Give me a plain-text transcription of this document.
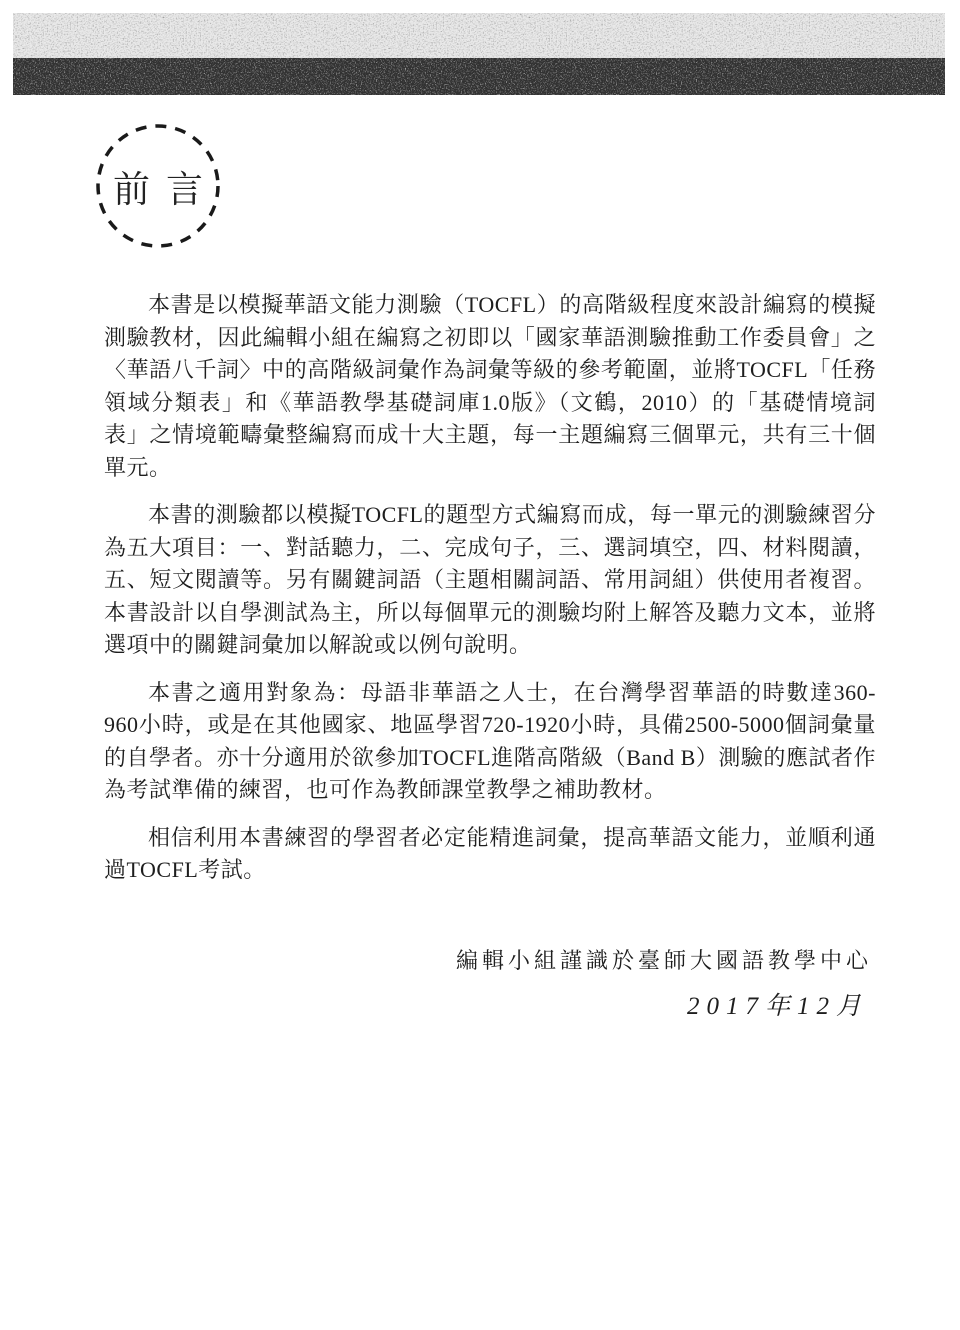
前言

本書是以模擬華語文能力測驗（TOCFL）的高階級程度來設計編寫的模擬測驗教材，因此編輯小組在編寫之初即以「國家華語測驗推動工作委員會」之〈華語八千詞〉中的高階級詞彙作為詞彙等級的參考範圍，並將TOCFL「任務領域分類表」和《華語教學基礎詞庫1.0版》（文鶴，2010）的「基礎情境詞表」之情境範疇彙整編寫而成十大主題，每一主題編寫三個單元，共有三十個單元。

本書的測驗都以模擬TOCFL的題型方式編寫而成，每一單元的測驗練習分為五大項目：一、對話聽力，二、完成句子，三、選詞填空，四、材料閱讀，五、短文閱讀等。另有關鍵詞語（主題相關詞語、常用詞組）供使用者複習。本書設計以自學測試為主，所以每個單元的測驗均附上解答及聽力文本，並將選項中的關鍵詞彙加以解說或以例句說明。

本書之適用對象為：母語非華語之人士，在台灣學習華語的時數達360-960小時，或是在其他國家、地區學習720-1920小時，具備2500-5000個詞彙量的自學者。亦十分適用於欲參加TOCFL進階高階級（Band B）測驗的應試者作為考試準備的練習，也可作為教師課堂教學之補助教材。

相信利用本書練習的學習者必定能精進詞彙，提高華語文能力，並順利通過TOCFL考試。

編輯小組謹識於臺師大國語教學中心
2017年12月
